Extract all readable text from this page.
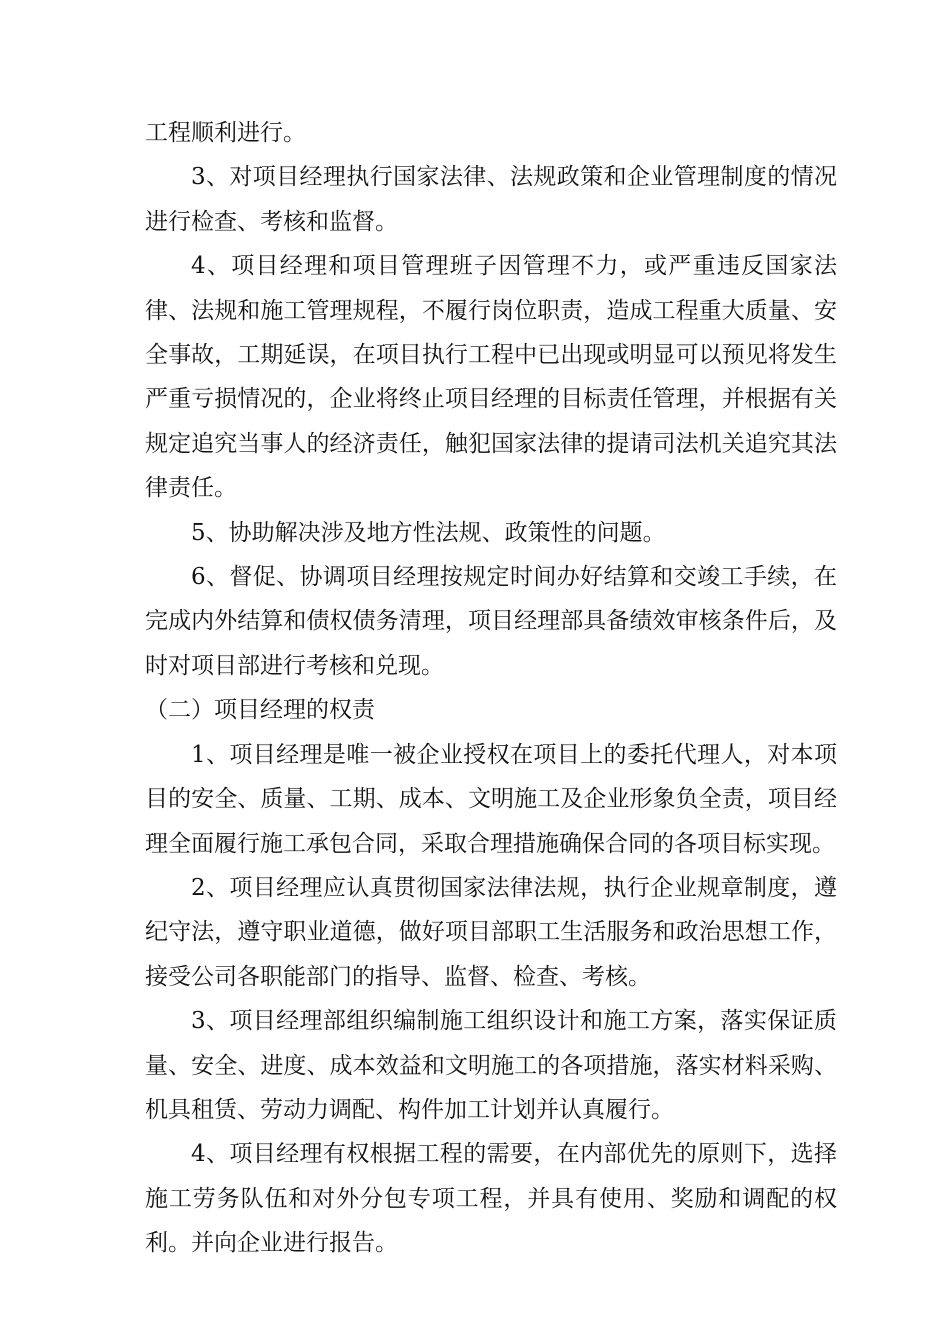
工程顺利进行。

3、对项目经理执行国家法律、法规政策和企业管理制度的情况进行检查、考核和监督。

4、项目经理和项目管理班子因管理不力，或严重违反国家法律、法规和施工管理规程，不履行岗位职责，造成工程重大质量、安全事故，工期延误，在项目执行工程中已出现或明显可以预见将发生严重亏损情况的，企业将终止项目经理的目标责任管理，并根据有关规定追究当事人的经济责任，触犯国家法律的提请司法机关追究其法律责任。

5、协助解决涉及地方性法规、政策性的问题。

6、督促、协调项目经理按规定时间办好结算和交竣工手续，在完成内外结算和债权债务清理，项目经理部具备绩效审核条件后，及时对项目部进行考核和兑现。

（二）项目经理的权责

1、项目经理是唯一被企业授权在项目上的委托代理人，对本项目的安全、质量、工期、成本、文明施工及企业形象负全责，项目经理全面履行施工承包合同，采取合理措施确保合同的各项目标实现。

2、项目经理应认真贯彻国家法律法规，执行企业规章制度，遵纪守法，遵守职业道德，做好项目部职工生活服务和政治思想工作，接受公司各职能部门的指导、监督、检查、考核。

3、项目经理部组织编制施工组织设计和施工方案，落实保证质量、安全、进度、成本效益和文明施工的各项措施，落实材料采购、机具租赁、劳动力调配、构件加工计划并认真履行。

4、项目经理有权根据工程的需要，在内部优先的原则下，选择施工劳务队伍和对外分包专项工程，并具有使用、奖励和调配的权利。并向企业进行报告。
